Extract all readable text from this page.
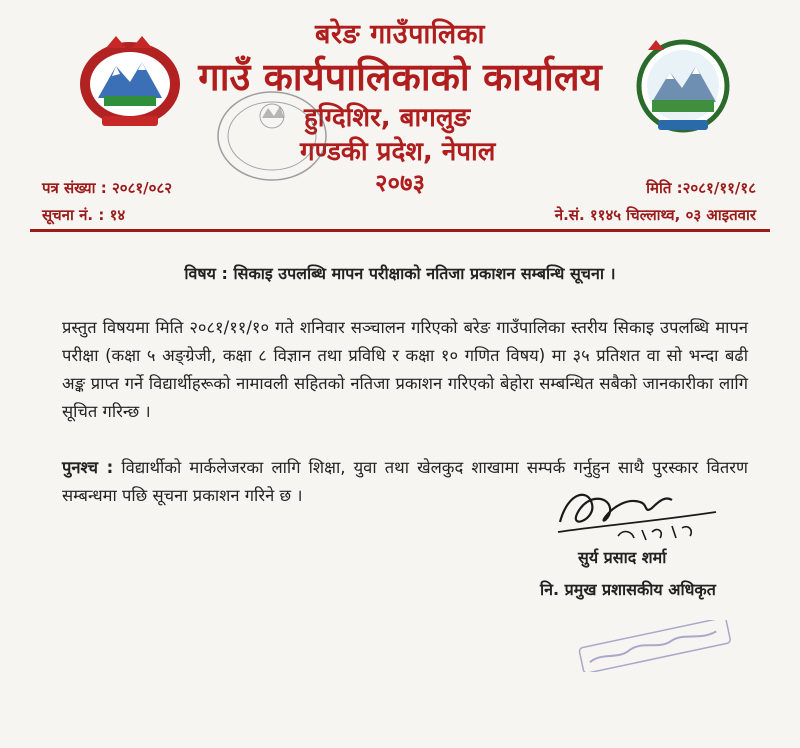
बरेङ गाउँपालिका
गाउँ कार्यपालिकाको कार्यालय
हुग्दिशिर, बागलुङ
गण्डकी प्रदेश, नेपाल
२०७३
पत्र संख्या : २०८१/०८२
सूचना नं. : १४
मिति :२०८१/११/१८
ने.सं. ११४५ चिल्लाथ्व, ०३ आइतवार
विषय : सिकाइ उपलब्धि मापन परीक्षाको नतिजा प्रकाशन सम्बन्धि सूचना ।
प्रस्तुत विषयमा मिति २०८१/११/१० गते शनिवार सञ्चालन गरिएको बरेङ गाउँपालिका स्तरीय सिकाइ उपलब्धि मापन परीक्षा (कक्षा ५ अङ्ग्रेजी, कक्षा ८ विज्ञान तथा प्रविधि र कक्षा १० गणित विषय) मा ३५ प्रतिशत वा सो भन्दा बढी अङ्क प्राप्त गर्ने विद्यार्थीहरूको नामावली सहितको नतिजा प्रकाशन गरिएको बेहोरा सम्बन्धित सबैको जानकारीका लागि सूचित गरिन्छ ।
पुनश्च : विद्यार्थीको मार्कलेजरका लागि शिक्षा, युवा तथा खेलकुद शाखामा सम्पर्क गर्नुहुन साथै पुरस्कार वितरण सम्बन्धमा पछि सूचना प्रकाशन गरिने छ ।
सुर्य प्रसाद शर्मा
नि. प्रमुख प्रशासकीय अधिकृत
